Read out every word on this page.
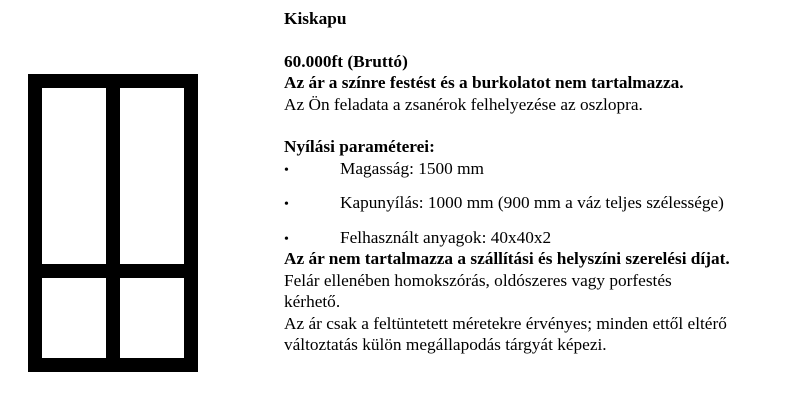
Kiskapu
60.000ft (Bruttó)
Az ár a színre festést és a burkolatot nem tartalmazza.
Az Ön feladata a zsanérok felhelyezése az oszlopra.
Nyílási paraméterei:
•	Magasság: 1500 mm
•	Kapunyílás: 1000 mm (900 mm a váz teljes szélessége)
•	Felhasznált anyagok: 40x40x2
Az ár nem tartalmazza a szállítási és helyszíni szerelési díjat.
Felár ellenében homokszórás, oldószeres vagy porfestés
kérhető.
Az ár csak a feltüntetett méretekre érvényes; minden ettől eltérő
változtatás külön megállapodás tárgyát képezi.
